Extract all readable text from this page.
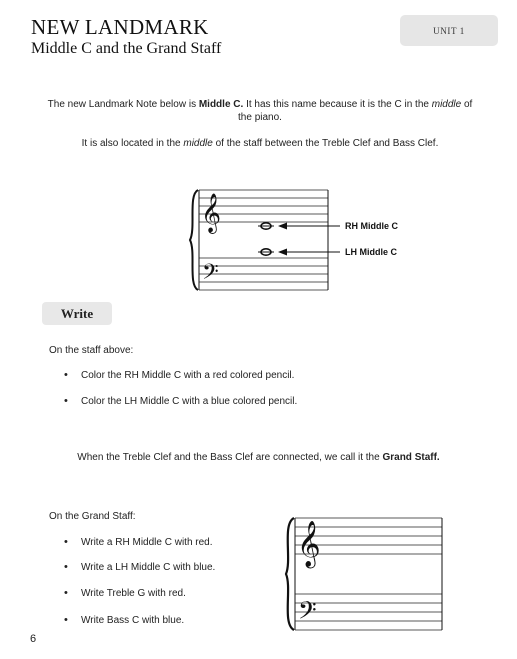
NEW LANDMARK
Middle C and the Grand Staff
UNIT 1

The new Landmark Note below is Middle C. It has this name because it is the C in the middle of the piano.

It is also located in the middle of the staff between the Treble Clef and Bass Clef.

𝄞
𝄢
RH Middle C
LH Middle C
Write

On the staff above:

• Color the RH Middle C with a red colored pencil.
• Color the LH Middle C with a blue colored pencil.

When the Treble Clef and the Bass Clef are connected, we call it the Grand Staff.

On the Grand Staff:

• Write a RH Middle C with red.
• Write a LH Middle C with blue.
• Write Treble G with red.
• Write Bass C with blue.
𝄞
𝄢

6
